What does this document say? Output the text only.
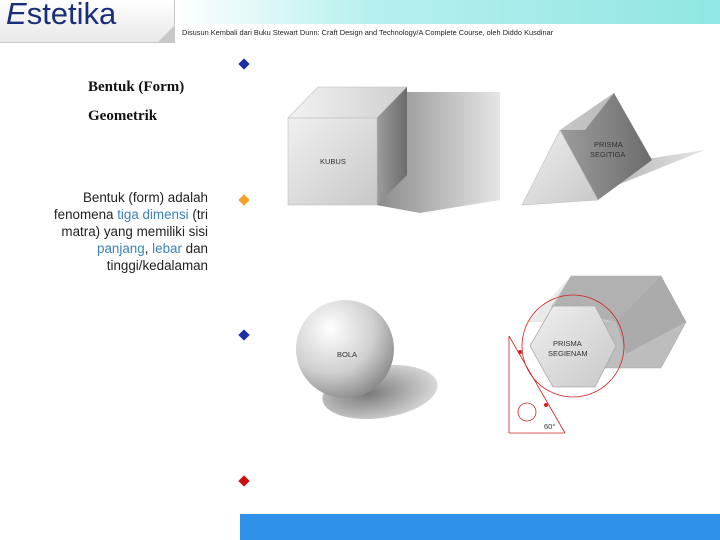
Estetika
Disusun Kembali dari Buku Stewart Dunn: Craft Design and Technology/A Complete Course, oleh Diddo Kusdinar
Bentuk (Form)
Geometrik
Bentuk (form) adalah fenomena tiga dimensi (tri matra) yang memiliki sisi panjang, lebar dan tinggi/kedalaman
KUBUS
PRISMA
SEGITIGA
BOLA
PRISMA
SEGIENAM
60°
